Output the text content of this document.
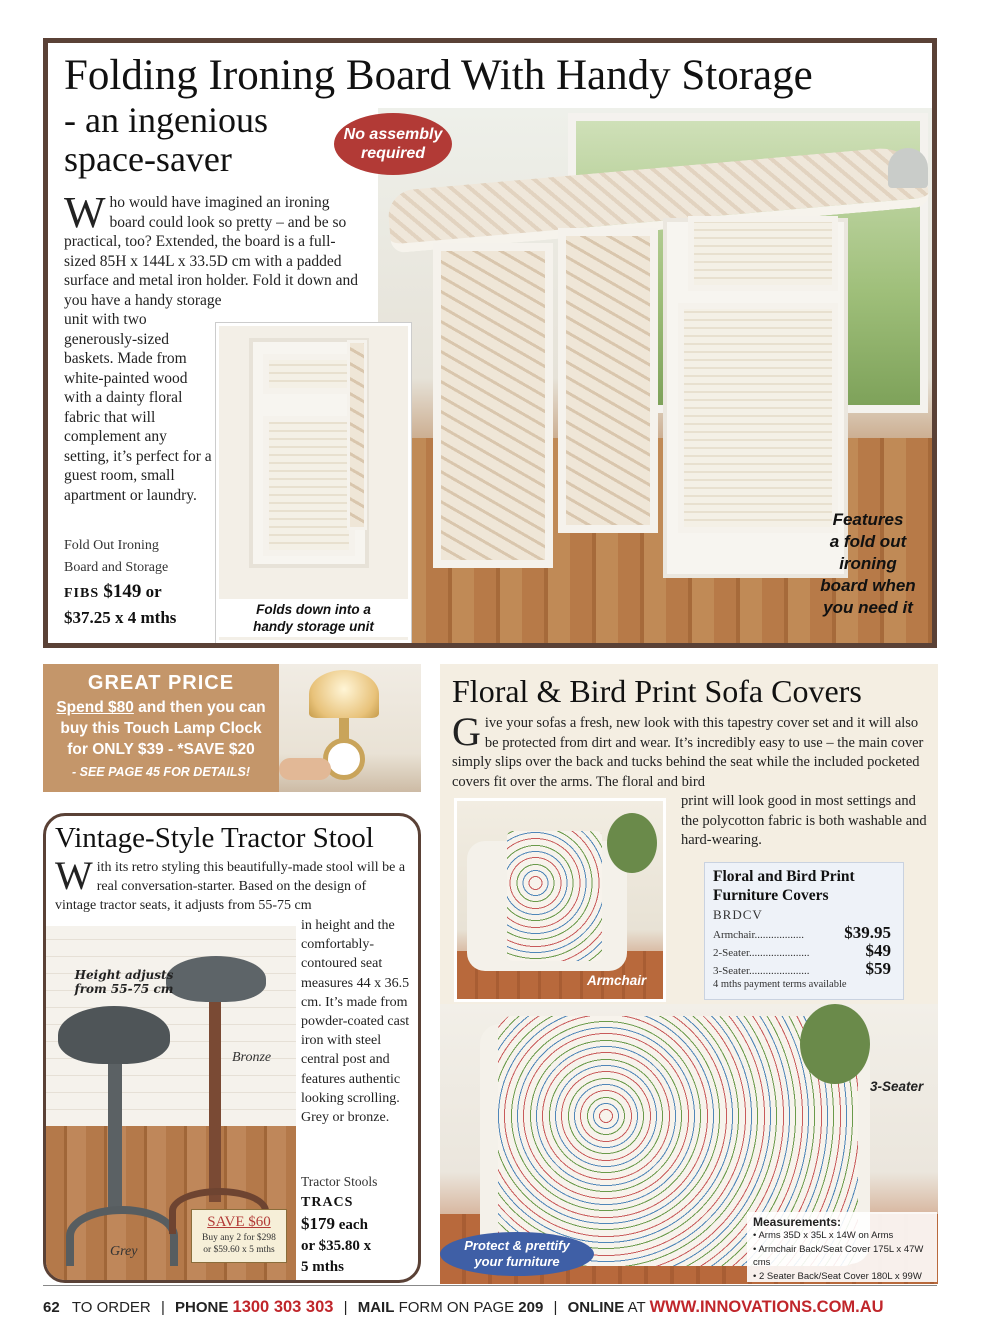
Folding Ironing Board With Handy Storage
- an ingenious
space-saver
No assembly
required
W ho would have imagined an ironing board could look so pretty – and be so practical, too? Extended, the board is a full-sized 85H x 144L x 33.5D cm with a padded surface and metal iron holder. Fold it down and you have a handy storage
unit with two generously-sized baskets. Made from white-painted wood with a dainty floral fabric that will complement any setting, it’s perfect for a guest room, small apartment or laundry.
Folds down into a
handy storage unit
Fold Out Ironing
Board and Storage
FIBS $149 or
$37.25 x 4 mths
Features
a fold out
ironing
board when
you need it
GREAT PRICE
Spend $80 and then you can
buy this Touch Lamp Clock
for ONLY $39 - *SAVE $20
- SEE PAGE 45 FOR DETAILS!
Height adjusts
from 55-75 cm
Bronze
Grey
Vintage-Style Tractor Stool
W ith its retro styling this beautifully-made stool will be a real conversation-starter. Based on the design of vintage tractor seats, it adjusts from 55-75 cm
in height and the comfortably-contoured seat measures 44 x 36.5 cm. It’s made from powder-coated cast iron with steel central post and features authentic looking scrolling. Grey or bronze.
Tractor Stools
TRACS
$179 each
or $35.80 x
5 mths
SAVE $60
Buy any 2 for $298
or $59.60 x 5 mths
Floral & Bird Print Sofa Covers
G ive your sofas a fresh, new look with this tapestry cover set and it will also be protected from dirt and wear. It’s incredibly easy to use – the main cover simply slips over the back and tucks behind the seat while the included pocketed covers fit over the arms. The floral and bird
print will look good in most settings and the polycotton fabric is both washable and hard-wearing.
Armchair
Floral and Bird Print
Furniture Covers
BRDCV
Armchair.................. $39.95
2-Seater......................	$49
3-Seater......................	$59
4 mths payment terms available
3-Seater
Measurements:
• Arms 35D x 35L x 14W on Arms
• Armchair Back/Seat Cover 175L x 47W cms
• 2 Seater Back/Seat Cover 180L x 99W
Protect & prettify
your furniture
62 TO ORDER | PHONE 1300 303 303 | MAIL FORM ON PAGE 209 | ONLINE AT WWW.INNOVATIONS.COM.AU
